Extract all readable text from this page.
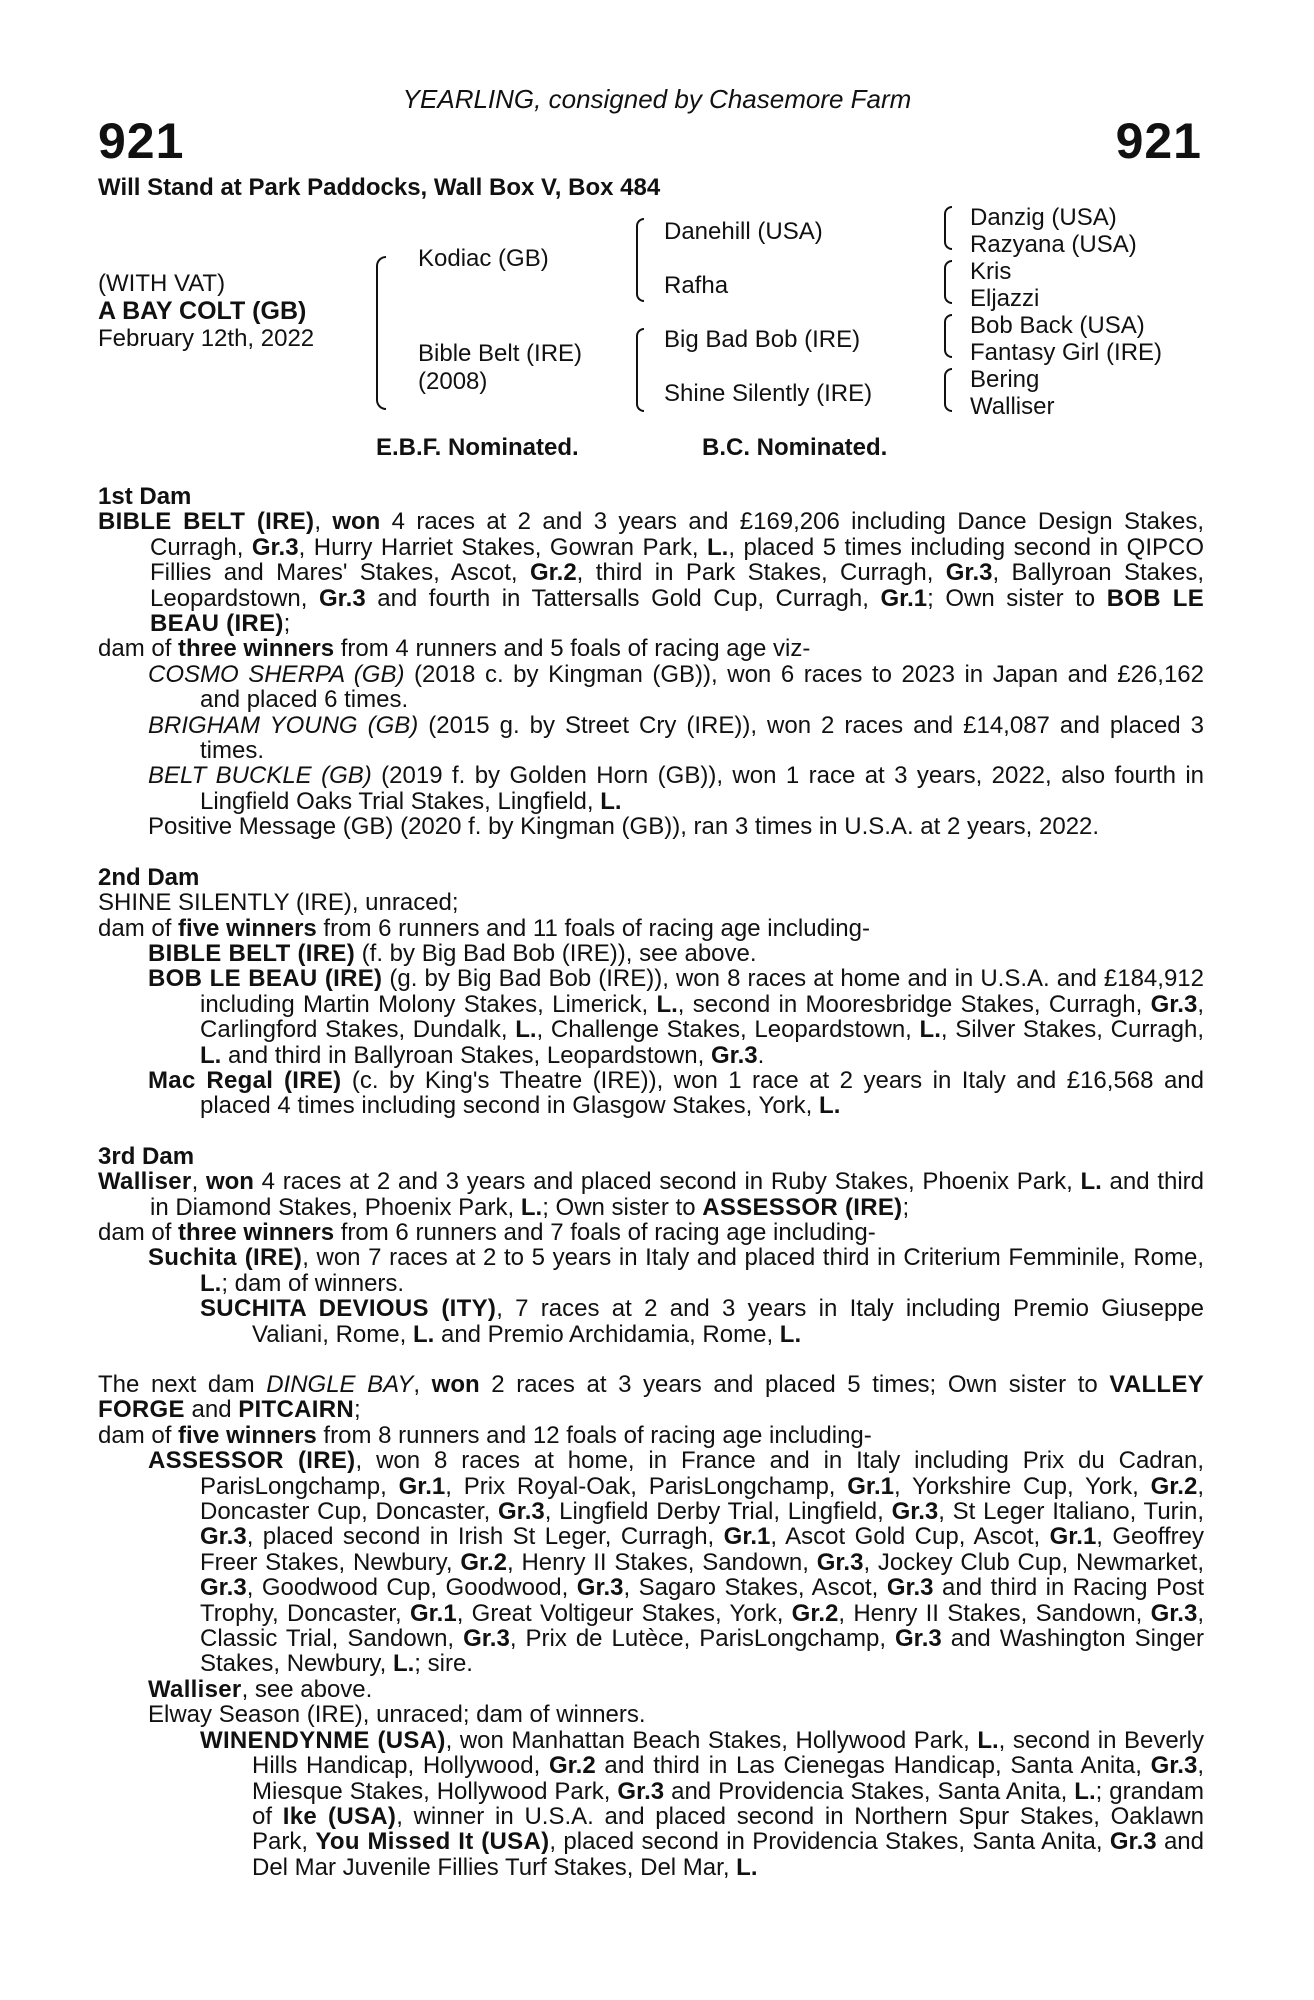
YEARLING, consigned by Chasemore Farm
921	921
Will Stand at Park Paddocks, Wall Box V, Box 484
(WITH VAT)
A BAY COLT (GB)
February 12th, 2022
Kodiac (GB)
Bible Belt (IRE)
(2008)
Danehill (USA)
Rafha
Big Bad Bob (IRE)
Shine Silently (IRE)
Danzig (USA)
Razyana (USA)
Kris
Eljazzi
Bob Back (USA)
Fantasy Girl (IRE)
Bering
Walliser
E.B.F. Nominated.	B.C. Nominated.
1st Dam

BIBLE BELT (IRE), won 4 races at 2 and 3 years and £169,206 including Dance Design Stakes, Curragh, Gr.3, Hurry Harriet Stakes, Gowran Park, L., placed 5 times including second in QIPCO Fillies and Mares' Stakes, Ascot, Gr.2, third in Park Stakes, Curragh, Gr.3, Ballyroan Stakes, Leopardstown, Gr.3 and fourth in Tattersalls Gold Cup, Curragh, Gr.1; Own sister to BOB LE BEAU (IRE);

dam of three winners from 4 runners and 5 foals of racing age viz-

COSMO SHERPA (GB) (2018 c. by Kingman (GB)), won 6 races to 2023 in Japan and £26,162 and placed 6 times.

BRIGHAM YOUNG (GB) (2015 g. by Street Cry (IRE)), won 2 races and £14,087 and placed 3 times.

BELT BUCKLE (GB) (2019 f. by Golden Horn (GB)), won 1 race at 3 years, 2022, also fourth in Lingfield Oaks Trial Stakes, Lingfield, L.

Positive Message (GB) (2020 f. by Kingman (GB)), ran 3 times in U.S.A. at 2 years, 2022.

2nd Dam

SHINE SILENTLY (IRE), unraced;

dam of five winners from 6 runners and 11 foals of racing age including-

BIBLE BELT (IRE) (f. by Big Bad Bob (IRE)), see above.

BOB LE BEAU (IRE) (g. by Big Bad Bob (IRE)), won 8 races at home and in U.S.A. and £184,912 including Martin Molony Stakes, Limerick, L., second in Mooresbridge Stakes, Curragh, Gr.3, Carlingford Stakes, Dundalk, L., Challenge Stakes, Leopardstown, L., Silver Stakes, Curragh, L. and third in Ballyroan Stakes, Leopardstown, Gr.3.

Mac Regal (IRE) (c. by King's Theatre (IRE)), won 1 race at 2 years in Italy and £16,568 and placed 4 times including second in Glasgow Stakes, York, L.

3rd Dam

Walliser, won 4 races at 2 and 3 years and placed second in Ruby Stakes, Phoenix Park, L. and third in Diamond Stakes, Phoenix Park, L.; Own sister to ASSESSOR (IRE);

dam of three winners from 6 runners and 7 foals of racing age including-

Suchita (IRE), won 7 races at 2 to 5 years in Italy and placed third in Criterium Femminile, Rome, L.; dam of winners.

SUCHITA DEVIOUS (ITY), 7 races at 2 and 3 years in Italy including Premio Giuseppe Valiani, Rome, L. and Premio Archidamia, Rome, L.

The next dam DINGLE BAY, won 2 races at 3 years and placed 5 times; Own sister to VALLEY FORGE and PITCAIRN;

dam of five winners from 8 runners and 12 foals of racing age including-

ASSESSOR (IRE), won 8 races at home, in France and in Italy including Prix du Cadran, ParisLongchamp, Gr.1, Prix Royal-Oak, ParisLongchamp, Gr.1, Yorkshire Cup, York, Gr.2, Doncaster Cup, Doncaster, Gr.3, Lingfield Derby Trial, Lingfield, Gr.3, St Leger Italiano, Turin, Gr.3, placed second in Irish St Leger, Curragh, Gr.1, Ascot Gold Cup, Ascot, Gr.1, Geoffrey Freer Stakes, Newbury, Gr.2, Henry II Stakes, Sandown, Gr.3, Jockey Club Cup, Newmarket, Gr.3, Goodwood Cup, Goodwood, Gr.3, Sagaro Stakes, Ascot, Gr.3 and third in Racing Post Trophy, Doncaster, Gr.1, Great Voltigeur Stakes, York, Gr.2, Henry II Stakes, Sandown, Gr.3, Classic Trial, Sandown, Gr.3, Prix de Lutèce, ParisLongchamp, Gr.3 and Washington Singer Stakes, Newbury, L.; sire.

Walliser, see above.

Elway Season (IRE), unraced; dam of winners.

WINENDYNME (USA), won Manhattan Beach Stakes, Hollywood Park, L., second in Beverly Hills Handicap, Hollywood, Gr.2 and third in Las Cienegas Handicap, Santa Anita, Gr.3, Miesque Stakes, Hollywood Park, Gr.3 and Providencia Stakes, Santa Anita, L.; grandam of Ike (USA), winner in U.S.A. and placed second in Northern Spur Stakes, Oaklawn Park, You Missed It (USA), placed second in Providencia Stakes, Santa Anita, Gr.3 and Del Mar Juvenile Fillies Turf Stakes, Del Mar, L.
